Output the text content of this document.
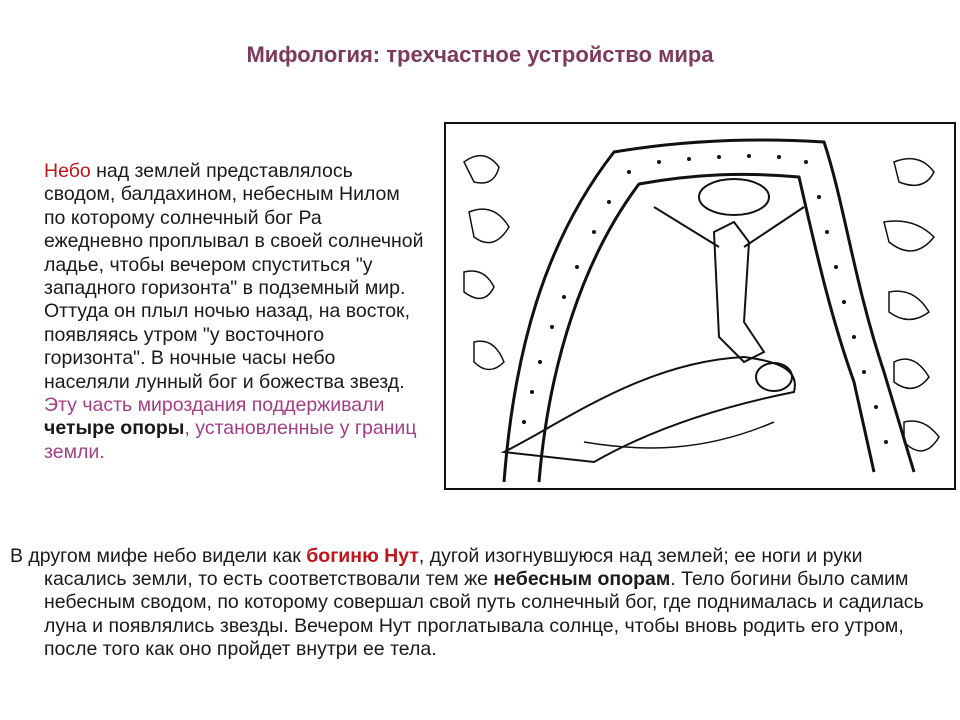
Мифология: трехчастное устройство мира

Небо над землей представлялось сводом, балдахином, небесным Нилом по которому солнечный бог Ра ежедневно проплывал в своей солнечной ладье, чтобы вечером спуститься "у западного горизонта" в подземный мир. Оттуда он плыл ночью назад, на восток, появляясь утром "у восточного горизонта". В ночные часы небо населяли лунный бог и божества звезд. Эту часть мироздания поддерживали четыре опоры, установленные у границ земли.

В другом мифе небо видели как богиню Нут, дугой изогнувшуюся над землей; ее ноги и руки касались земли, то есть соответствовали тем же небесным опорам. Тело богини было самим небесным сводом, по которому совершал свой путь солнечный бог, где поднималась и садилась луна и появлялись звезды. Вечером Нут проглатывала солнце, чтобы вновь родить его утром, после того как оно пройдет внутри ее тела.
